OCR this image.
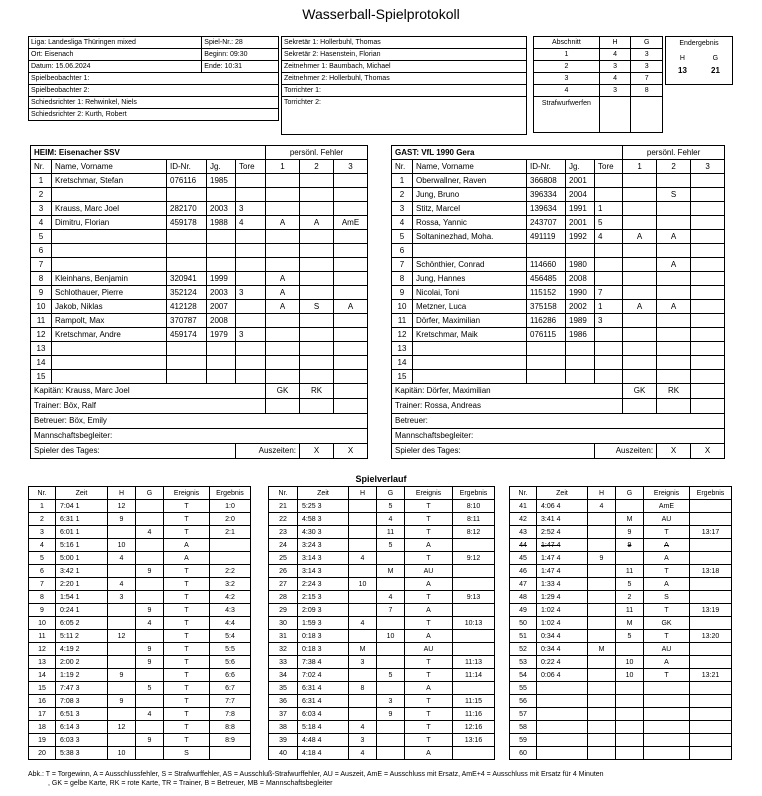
Wasserball-Spielprotokoll
Liga: Landesliga Thüringen mixed	Spiel-Nr.: 28
Ort: Eisenach	Beginn: 09:30
Datum: 15.06.2024	Ende: 10:31
Spielbeobachter 1:	
Spielbeobachter 2:	
Schiedsrichter 1: Rehwinkel, Niels	
Schiedsrichter 2: Kurth, Robert	
Sekretär 1: Hollerbuhl, Thomas
Sekretär 2: Hasenstein, Florian
Zeitnehmer 1: Baumbach, Michael
Zeitnehmer 2: Hollerbuhl, Thomas
Torrichter 1:
Torrichter 2:
Abschnitt	H	G
1	4	3
2	3	3
3	4	7
4	3	8
Strafwurfwerfen		
Endergebnis
H	G
13	21
HEIM: Eisenacher SSV					persönl. Fehler		
Nr.	Name, Vorname	ID-Nr.	Jg.	Tore	1	2	3
1	Kretschmar, Stefan	076116	1985				
2							
3	Krauss, Marc Joel	282170	2003	3			
4	Dimitru, Florian	459178	1988	4	A	A	AmE
5							
6							
7							
8	Kleinhans, Benjamin	320941	1999		A		
9	Schlothauer, Pierre	352124	2003	3	A		
10	Jakob, Niklas	412128	2007		A	S	A
11	Rampolt, Max	370787	2008				
12	Kretschmar, Andre	459174	1979	3			
13							
14							
15							
Kapitän: Krauss, Marc Joel					GK	RK	
Trainer: Böx, Ralf							
Betreuer: Böx, Emily							
Mannschaftsbegleiter:							
Spieler des Tages:				Auszeiten:		X	X
GAST: VfL 1990 Gera					persönl. Fehler		
Nr.	Name, Vorname	ID-Nr.	Jg.	Tore	1	2	3
1	Oberwallner, Raven	366808	2001				
2	Jung, Bruno	396334	2004			S	
3	Stitz, Marcel	139634	1991	1			
4	Rossa, Yannic	243707	2001	5			
5	Soltaninezhad, Moha.	491119	1992	4	A	A	
6							
7	Schönthier, Conrad	114660	1980			A	
8	Jung, Hannes	456485	2008				
9	Nicolai, Toni	115152	1990	7			
10	Metzner, Luca	375158	2002	1	A	A	
11	Dörfer, Maximilian	116286	1989	3			
12	Kretschmar, Maik	076115	1986				
13							
14							
15							
Kapitän: Dörfer, Maximilian					GK	RK	
Trainer: Rossa, Andreas							
Betreuer:							
Mannschaftsbegleiter:							
Spieler des Tages:				Auszeiten:		X	X
Spielverlauf
Nr.	Zeit	H	G	Ereignis	Ergebnis
1	7:04 1	12		T	1:0
2	6:31 1	9		T	2:0
3	6:01 1		4	T	2:1
4	5:16 1	10		A	
5	5:00 1	4		A	
6	3:42 1		9	T	2:2
7	2:20 1	4		T	3:2
8	1:54 1	3		T	4:2
9	0:24 1		9	T	4:3
10	6:05 2		4	T	4:4
11	5:11 2	12		T	5:4
12	4:19 2		9	T	5:5
13	2:00 2		9	T	5:6
14	1:19 2	9		T	6:6
15	7:47 3		5	T	6:7
16	7:08 3	9		T	7:7
17	6:51 3		4	T	7:8
18	6:14 3	12		T	8:8
19	6:03 3		9	T	8:9
20	5:38 3	10		S	
Nr.	Zeit	H	G	Ereignis	Ergebnis
21	5:25 3		5	T	8:10
22	4:58 3		4	T	8:11
23	4:30 3		11	T	8:12
24	3:24 3		5	A	
25	3:14 3	4		T	9:12
26	3:14 3		M	AU	
27	2:24 3	10		A	
28	2:15 3		4	T	9:13
29	2:09 3		7	A	
30	1:59 3	4		T	10:13
31	0:18 3		10	A	
32	0:18 3	M		AU	
33	7:38 4	3		T	11:13
34	7:02 4		5	T	11:14
35	6:31 4	8		A	
36	6:31 4		3	T	11:15
37	6:03 4		9	T	11:16
38	5:18 4	4		T	12:16
39	4:48 4	3		T	13:16
40	4:18 4	4		A	
Nr.	Zeit	H	G	Ereignis	Ergebnis
41	4:06 4	4		AmE	
42	3:41 4		M	AU	
43	2:52 4		9	T	13:17
44	1:47 4		9	A	
45	1:47 4	9		A	
46	1:47 4		11	T	13:18
47	1:33 4		5	A	
48	1:29 4		2	S	
49	1:02 4		11	T	13:19
50	1:02 4		M	GK	
51	0:34 4		5	T	13:20
52	0:34 4	M		AU	
53	0:22 4		10	A	
54	0:06 4		10	T	13:21
55					
56					
57					
58					
59					
60					
Abk.: T = Torgewinn, A = Ausschlussfehler, S = Strafwurffehler, AS = Ausschluß-Strafwurffehler, AU = Auszeit, AmE = Ausschluss mit Ersatz, AmE+4 = Ausschluss mit Ersatz für 4 Minuten
, GK = gelbe Karte, RK = rote Karte, TR = Trainer, B = Betreuer, MB = Mannschaftsbegleiter
